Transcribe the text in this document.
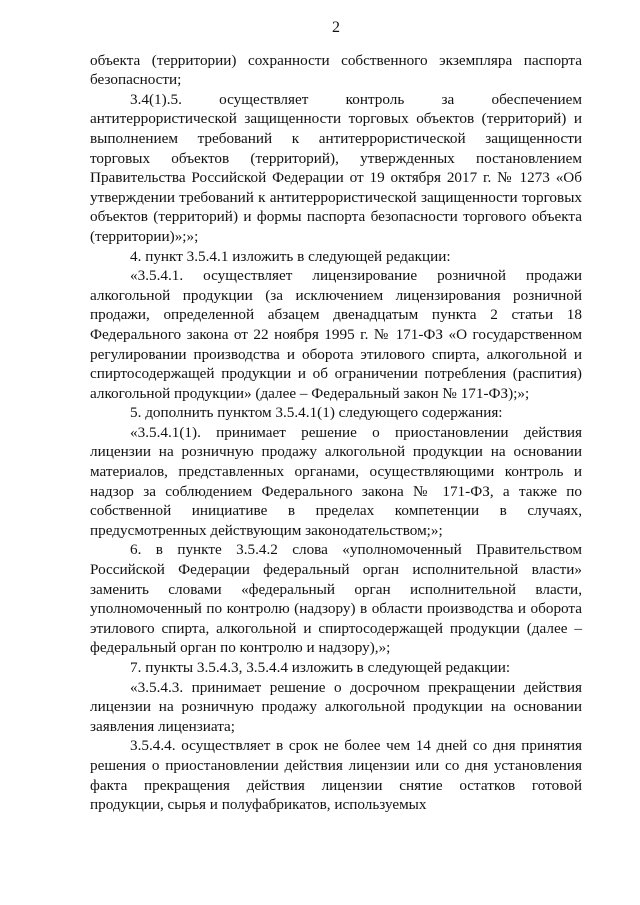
2

объекта (территории) сохранности собственного экземпляра паспорта безопасности;

3.4(1).5. осуществляет контроль за обеспечением антитеррористической защищенности торговых объектов (территорий) и выполнением требований к антитеррористической защищенности торговых объектов (территорий), утвержденных постановлением Правительства Российской Федерации от 19 октября 2017 г. № 1273 «Об утверждении требований к антитеррористической защищенности торговых объектов (территорий) и формы паспорта безопасности торгового объекта (территории)»;»;

4. пункт 3.5.4.1 изложить в следующей редакции:

«3.5.4.1. осуществляет лицензирование розничной продажи алкогольной продукции (за исключением лицензирования розничной продажи, определенной абзацем двенадцатым пункта 2 статьи 18 Федерального закона от 22 ноября 1995 г. № 171-ФЗ «О государственном регулировании производства и оборота этилового спирта, алкогольной и спиртосодержащей продукции и об ограничении потребления (распития) алкогольной продукции» (далее – Федеральный закон № 171-ФЗ);»;

5. дополнить пунктом 3.5.4.1(1) следующего содержания:

«3.5.4.1(1). принимает решение о приостановлении действия лицензии на розничную продажу алкогольной продукции на основании материалов, представленных органами, осуществляющими контроль и надзор за соблюдением Федерального закона № 171-ФЗ, а также по собственной инициативе в пределах компетенции в случаях, предусмотренных действующим законодательством;»;

6. в пункте 3.5.4.2 слова «уполномоченный Правительством Российской Федерации федеральный орган исполнительной власти» заменить словами «федеральный орган исполнительной власти, уполномоченный по контролю (надзору) в области производства и оборота этилового спирта, алкогольной и спиртосодержащей продукции (далее – федеральный орган по контролю и надзору),»;

7. пункты 3.5.4.3, 3.5.4.4 изложить в следующей редакции:

«3.5.4.3. принимает решение о досрочном прекращении действия лицензии на розничную продажу алкогольной продукции на основании заявления лицензиата;

3.5.4.4. осуществляет в срок не более чем 14 дней со дня принятия решения о приостановлении действия лицензии или со дня установления факта прекращения действия лицензии снятие остатков готовой продукции, сырья и полуфабрикатов, используемых
